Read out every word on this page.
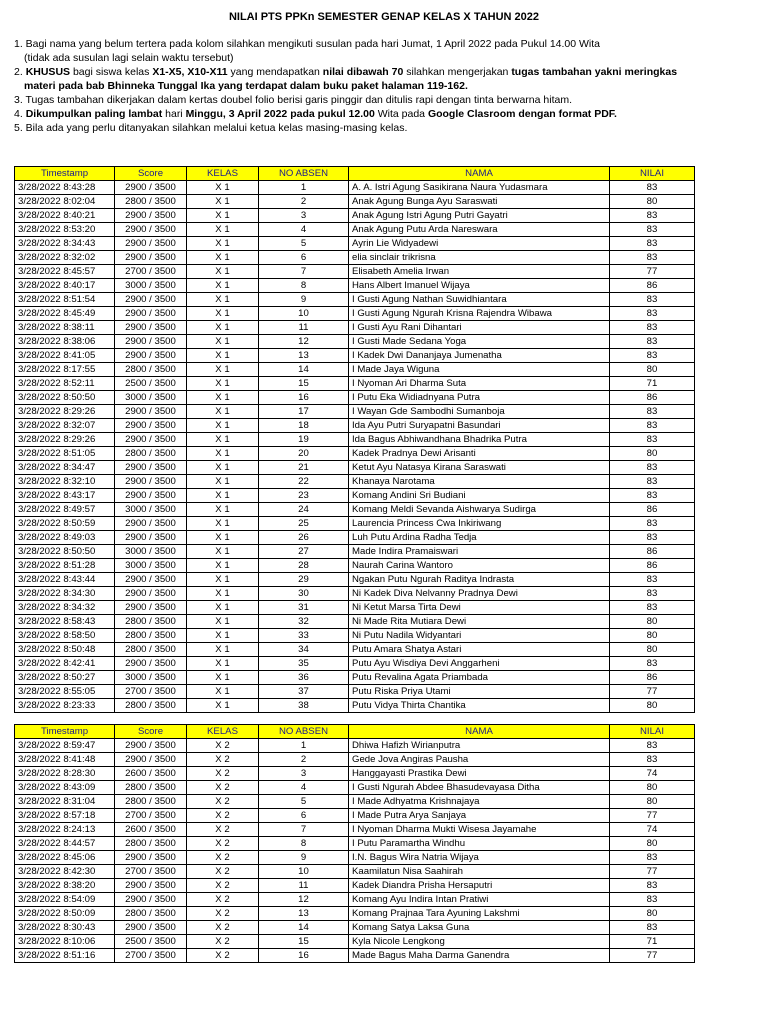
NILAI PTS PPKn SEMESTER GENAP KELAS X TAHUN 2022
1. Bagi nama yang belum tertera pada kolom silahkan mengikuti susulan pada hari Jumat, 1 April 2022 pada Pukul 14.00 Wita
(tidak ada susulan lagi selain waktu tersebut)
2. KHUSUS bagi siswa kelas X1-X5, X10-X11 yang mendapatkan nilai dibawah 70 silahkan mengerjakan tugas tambahan yakni meringkas
materi pada bab Bhinneka Tunggal Ika yang terdapat dalam buku paket halaman 119-162.
3. Tugas tambahan dikerjakan dalam kertas doubel folio berisi garis pinggir dan ditulis rapi dengan tinta berwarna hitam.
4. Dikumpulkan paling lambat hari Minggu, 3 April 2022 pada pukul 12.00 Wita pada Google Clasroom dengan format PDF.
5. Bila ada yang perlu ditanyakan silahkan melalui ketua kelas masing-masing kelas.
Timestamp	Score	KELAS	NO ABSEN	NAMA	NILAI
3/28/2022 8:43:28	2900 / 3500	X 1	1	A. A. Istri Agung Sasikirana Naura Yudasmara	83
3/28/2022 8:02:04	2800 / 3500	X 1	2	Anak Agung Bunga Ayu Saraswati	80
3/28/2022 8:40:21	2900 / 3500	X 1	3	Anak Agung Istri Agung Putri Gayatri	83
3/28/2022 8:53:20	2900 / 3500	X 1	4	Anak Agung Putu Arda Nareswara	83
3/28/2022 8:34:43	2900 / 3500	X 1	5	Ayrin Lie Widyadewi	83
3/28/2022 8:32:02	2900 / 3500	X 1	6	elia sinclair trikrisna	83
3/28/2022 8:45:57	2700 / 3500	X 1	7	Elisabeth Amelia Irwan	77
3/28/2022 8:40:17	3000 / 3500	X 1	8	Hans Albert Imanuel Wijaya	86
3/28/2022 8:51:54	2900 / 3500	X 1	9	I Gusti Agung Nathan Suwidhiantara	83
3/28/2022 8:45:49	2900 / 3500	X 1	10	I Gusti Agung Ngurah Krisna Rajendra Wibawa	83
3/28/2022 8:38:11	2900 / 3500	X 1	11	I Gusti Ayu Rani Dihantari	83
3/28/2022 8:38:06	2900 / 3500	X 1	12	I Gusti Made Sedana Yoga	83
3/28/2022 8:41:05	2900 / 3500	X 1	13	I Kadek Dwi Dananjaya Jumenatha	83
3/28/2022 8:17:55	2800 / 3500	X 1	14	I Made Jaya Wiguna	80
3/28/2022 8:52:11	2500 / 3500	X 1	15	I Nyoman Ari Dharma Suta	71
3/28/2022 8:50:50	3000 / 3500	X 1	16	I Putu Eka Widiadnyana Putra	86
3/28/2022 8:29:26	2900 / 3500	X 1	17	I Wayan Gde Sambodhi Sumanboja	83
3/28/2022 8:32:07	2900 / 3500	X 1	18	Ida Ayu Putri Suryapatni Basundari	83
3/28/2022 8:29:26	2900 / 3500	X 1	19	Ida Bagus Abhiwandhana Bhadrika Putra	83
3/28/2022 8:51:05	2800 / 3500	X 1	20	Kadek Pradnya Dewi Arisanti	80
3/28/2022 8:34:47	2900 / 3500	X 1	21	Ketut Ayu Natasya Kirana Saraswati	83
3/28/2022 8:32:10	2900 / 3500	X 1	22	Khanaya Narotama	83
3/28/2022 8:43:17	2900 / 3500	X 1	23	Komang Andini Sri Budiani	83
3/28/2022 8:49:57	3000 / 3500	X 1	24	Komang Meldi Sevanda Aishwarya Sudirga	86
3/28/2022 8:50:59	2900 / 3500	X 1	25	Laurencia Princess Cwa Inkiriwang	83
3/28/2022 8:49:03	2900 / 3500	X 1	26	Luh Putu Ardina Radha Tedja	83
3/28/2022 8:50:50	3000 / 3500	X 1	27	Made Indira Pramaiswari	86
3/28/2022 8:51:28	3000 / 3500	X 1	28	Naurah Carina Wantoro	86
3/28/2022 8:43:44	2900 / 3500	X 1	29	Ngakan Putu Ngurah Raditya Indrasta	83
3/28/2022 8:34:30	2900 / 3500	X 1	30	Ni Kadek Diva Nelvanny Pradnya Dewi	83
3/28/2022 8:34:32	2900 / 3500	X 1	31	Ni Ketut Marsa Tirta Dewi	83
3/28/2022 8:58:43	2800 / 3500	X 1	32	Ni Made Rita Mutiara Dewi	80
3/28/2022 8:58:50	2800 / 3500	X 1	33	Ni Putu Nadila Widyantari	80
3/28/2022 8:50:48	2800 / 3500	X 1	34	Putu Amara Shatya Astari	80
3/28/2022 8:42:41	2900 / 3500	X 1	35	Putu Ayu Wisdiya Devi Anggarheni	83
3/28/2022 8:50:27	3000 / 3500	X 1	36	Putu Revalina Agata Priambada	86
3/28/2022 8:55:05	2700 / 3500	X 1	37	Putu Riska Priya Utami	77
3/28/2022 8:23:33	2800 / 3500	X 1	38	Putu Vidya Thirta Chantika	80
Timestamp	Score	KELAS	NO ABSEN	NAMA	NILAI
3/28/2022 8:59:47	2900 / 3500	X 2	1	Dhiwa Hafizh Wirianputra	83
3/28/2022 8:41:48	2900 / 3500	X 2	2	Gede Jova Angiras Pausha	83
3/28/2022 8:28:30	2600 / 3500	X 2	3	Hanggayasti Prastika Dewi	74
3/28/2022 8:43:09	2800 / 3500	X 2	4	I Gusti Ngurah Abdee Bhasudevayasa Ditha	80
3/28/2022 8:31:04	2800 / 3500	X 2	5	I Made Adhyatma Krishnajaya	80
3/28/2022 8:57:18	2700 / 3500	X 2	6	I Made Putra Arya Sanjaya	77
3/28/2022 8:24:13	2600 / 3500	X 2	7	I Nyoman Dharma Mukti Wisesa Jayamahe	74
3/28/2022 8:44:57	2800 / 3500	X 2	8	I Putu Paramartha Windhu	80
3/28/2022 8:45:06	2900 / 3500	X 2	9	I.N. Bagus Wira Natria Wijaya	83
3/28/2022 8:42:30	2700 / 3500	X 2	10	Kaamilatun Nisa Saahirah	77
3/28/2022 8:38:20	2900 / 3500	X 2	11	Kadek Diandra Prisha Hersaputri	83
3/28/2022 8:54:09	2900 / 3500	X 2	12	Komang Ayu Indira Intan Pratiwi	83
3/28/2022 8:50:09	2800 / 3500	X 2	13	Komang Prajnaa Tara Ayuning Lakshmi	80
3/28/2022 8:30:43	2900 / 3500	X 2	14	Komang Satya Laksa Guna	83
3/28/2022 8:10:06	2500 / 3500	X 2	15	Kyla Nicole Lengkong	71
3/28/2022 8:51:16	2700 / 3500	X 2	16	Made Bagus Maha Darma Ganendra	77
